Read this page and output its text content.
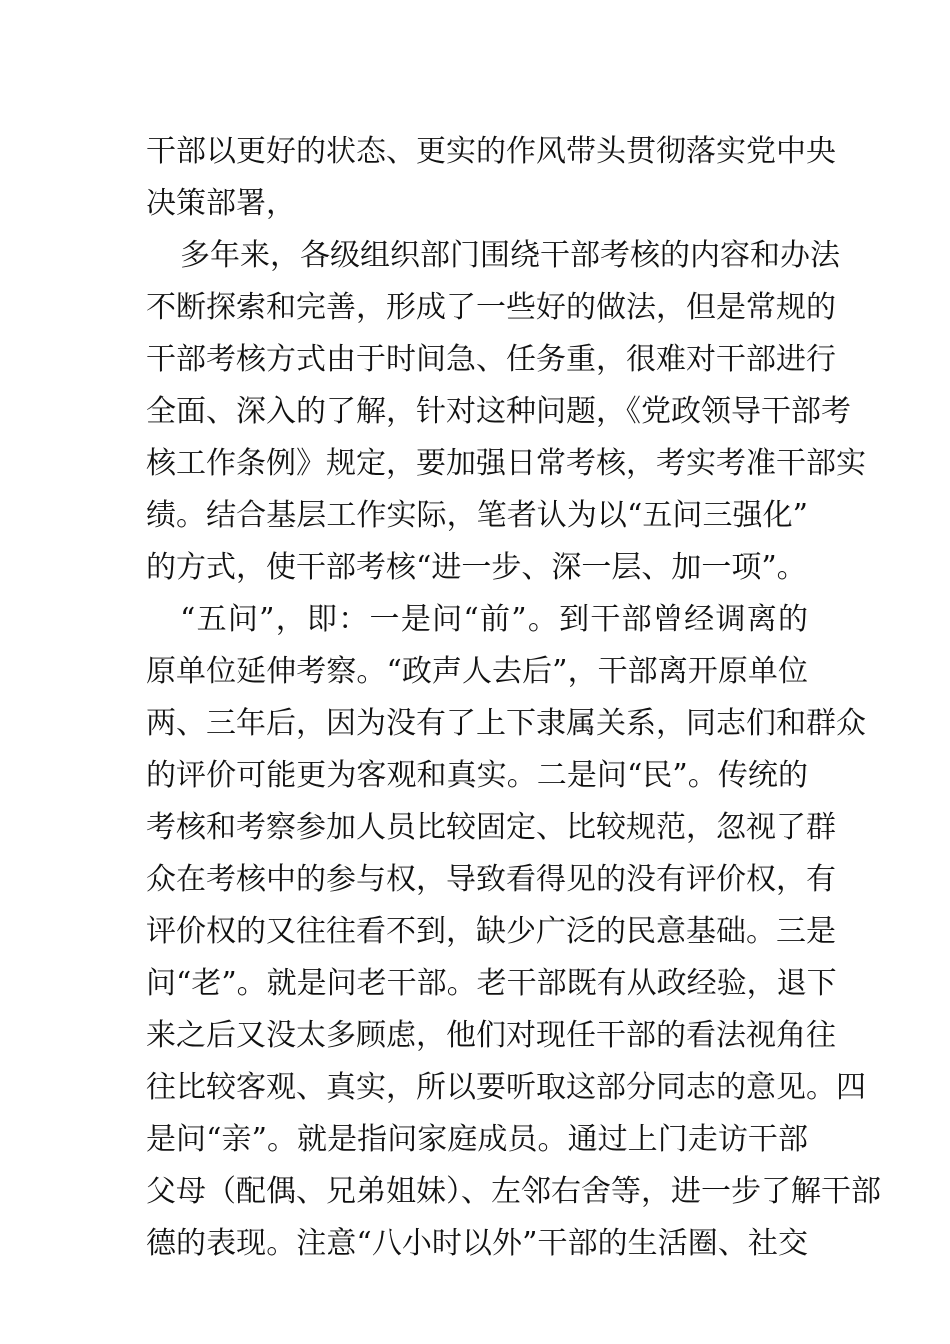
干部以更好的状态、更实的作风带头贯彻落实党中央
决策部署，
多年来，各级组织部门围绕干部考核的内容和办法
不断探索和完善，形成了一些好的做法，但是常规的
干部考核方式由于时间急、任务重，很难对干部进行
全面、深入的了解，针对这种问题，《党政领导干部考
核工作条例》规定，要加强日常考核，考实考准干部实
绩。结合基层工作实际，笔者认为以“五问三强化”
的方式，使干部考核“进一步、深一层、加一项”。
“五问”，即：一是问“前”。到干部曾经调离的
原单位延伸考察。“政声人去后”，干部离开原单位
两、三年后，因为没有了上下隶属关系，同志们和群众
的评价可能更为客观和真实。二是问“民”。传统的
考核和考察参加人员比较固定、比较规范，忽视了群
众在考核中的参与权，导致看得见的没有评价权，有
评价权的又往往看不到，缺少广泛的民意基础。三是
问“老”。就是问老干部。老干部既有从政经验，退下
来之后又没太多顾虑，他们对现任干部的看法视角往
往比较客观、真实，所以要听取这部分同志的意见。四
是问“亲”。就是指问家庭成员。通过上门走访干部
父母（配偶、兄弟姐妹）、左邻右舍等，进一步了解干部
德的表现。注意“八小时以外”干部的生活圈、社交
